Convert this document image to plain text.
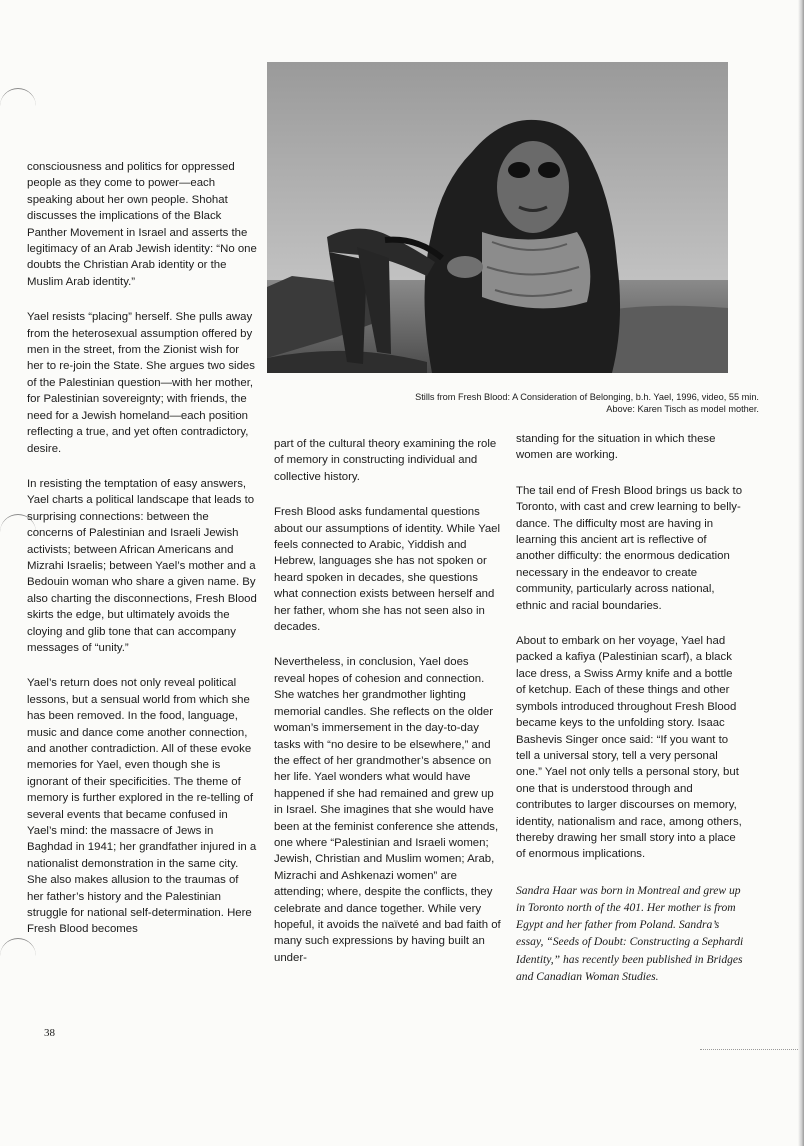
Stills from Fresh Blood: A Consideration of Belonging, b.h. Yael, 1996, video, 55 min.
Above: Karen Tisch as model mother.

consciousness and politics for oppressed people as they come to power—each speaking about her own people. Shohat discusses the implications of the Black Panther Movement in Israel and asserts the legitimacy of an Arab Jewish identity: “No one doubts the Christian Arab identity or the Muslim Arab identity.”

Yael resists “placing” herself. She pulls away from the heterosexual assumption offered by men in the street, from the Zionist wish for her to re-join the State. She argues two sides of the Palestinian question—with her mother, for Palestinian sovereignty; with friends, the need for a Jewish homeland—each position reflecting a true, and yet often contradictory, desire.

In resisting the temptation of easy answers, Yael charts a political landscape that leads to surprising connections: between the concerns of Palestinian and Israeli Jewish activists; between African Americans and Mizrahi Israelis; between Yael’s mother and a Bedouin woman who share a given name. By also charting the disconnections, Fresh Blood skirts the edge, but ultimately avoids the cloying and glib tone that can accompany messages of “unity.”

Yael’s return does not only reveal political lessons, but a sensual world from which she has been removed. In the food, language, music and dance come another connection, and another contradiction. All of these evoke memories for Yael, even though she is ignorant of their specificities. The theme of memory is further explored in the re-telling of several events that became confused in Yael’s mind: the massacre of Jews in Baghdad in 1941; her grandfather injured in a nationalist demonstration in the same city. She also makes allusion to the traumas of her father’s history and the Palestinian struggle for national self-determination. Here Fresh Blood becomes

part of the cultural theory examining the role of memory in constructing individual and collective history.

Fresh Blood asks fundamental questions about our assumptions of identity. While Yael feels connected to Arabic, Yiddish and Hebrew, languages she has not spoken or heard spoken in decades, she questions what connection exists between herself and her father, whom she has not seen also in decades.

Nevertheless, in conclusion, Yael does reveal hopes of cohesion and connection. She watches her grandmother lighting memorial candles. She reflects on the older woman’s immersement in the day-to-day tasks with “no desire to be elsewhere,” and the effect of her grandmother’s absence on her life. Yael wonders what would have happened if she had remained and grew up in Israel. She imagines that she would have been at the feminist conference she attends, one where “Palestinian and Israeli women; Jewish, Christian and Muslim women; Arab, Mizrachi and Ashkenazi women” are attending; where, despite the conflicts, they celebrate and dance together. While very hopeful, it avoids the naïveté and bad faith of many such expressions by having built an under-

standing for the situation in which these women are working.

The tail end of Fresh Blood brings us back to Toronto, with cast and crew learning to belly-dance. The difficulty most are having in learning this ancient art is reflective of another difficulty: the enormous dedication necessary in the endeavor to create community, particularly across national, ethnic and racial boundaries.

About to embark on her voyage, Yael had packed a kafiya (Palestinian scarf), a black lace dress, a Swiss Army knife and a bottle of ketchup. Each of these things and other symbols introduced throughout Fresh Blood became keys to the unfolding story. Isaac Bashevis Singer once said: “If you want to tell a universal story, tell a very personal one.” Yael not only tells a personal story, but one that is understood through and contributes to larger discourses on memory, identity, nationalism and race, among others, thereby drawing her small story into a place of enormous implications.

Sandra Haar was born in Montreal and grew up in Toronto north of the 401. Her mother is from Egypt and her father from Poland. Sandra’s essay, “Seeds of Doubt: Constructing a Sephardi Identity,” has recently been published in Bridges and Canadian Woman Studies.

38
